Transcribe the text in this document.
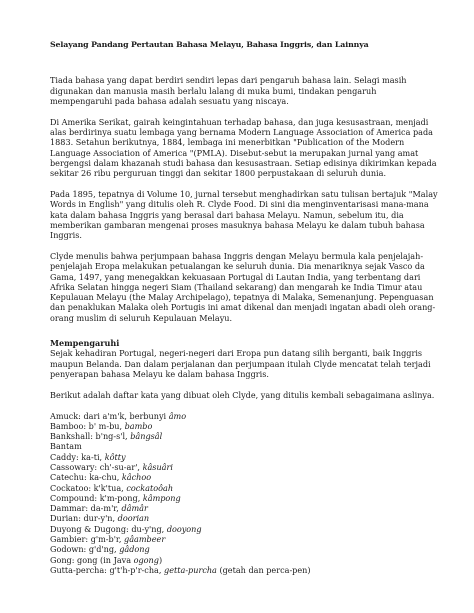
Selayang Pandang Pertautan Bahasa Melayu, Bahasa Inggris, dan Lainnya
Tiada bahasa yang dapat berdiri sendiri lepas dari pengaruh bahasa lain. Selagi masih
digunakan dan manusia masih berlalu lalang di muka bumi, tindakan pengaruh
mempengaruhi pada bahasa adalah sesuatu yang niscaya.
Di Amerika Serikat, gairah keingintahuan terhadap bahasa, dan juga kesusastraan, menjadi
alas berdirinya suatu lembaga yang bernama Modern Language Association of America pada
1883. Setahun berikutnya, 1884, lembaga ini menerbitkan "Publication of the Modern
Language Association of America "(PMLA). Disebut-sebut ia merupakan jurnal yang amat
bergengsi dalam khazanah studi bahasa dan kesusastraan. Setiap edisinya dikirimkan kepada
sekitar 26 ribu perguruan tinggi dan sekitar 1800 perpustakaan di seluruh dunia.
Pada 1895, tepatnya di Volume 10, jurnal tersebut menghadirkan satu tulisan bertajuk "Malay
Words in English" yang ditulis oleh R. Clyde Food. Di sini dia menginventarisasi mana-mana
kata dalam bahasa Inggris yang berasal dari bahasa Melayu. Namun, sebelum itu, dia
memberikan gambaran mengenai proses masuknya bahasa Melayu ke dalam tubuh bahasa
Inggris.
Clyde menulis bahwa perjumpaan bahasa Inggris dengan Melayu bermula kala penjelajah-
penjelajah Eropa melakukan petualangan ke seluruh dunia. Dia menariknya sejak Vasco da
Gama, 1497, yang menegakkan kekuasaan Portugal di Lautan India, yang terbentang dari
Afrika Selatan hingga negeri Siam (Thailand sekarang) dan mengarah ke India Timur atau
Kepulauan Melayu (the Malay Archipelago), tepatnya di Malaka, Semenanjung. Pepenguasan
dan penaklukan Malaka oleh Portugis ini amat dikenal dan menjadi ingatan abadi oleh orang-
orang muslim di seluruh Kepulauan Melayu.
Mempengaruhi
Sejak kehadiran Portugal, negeri-negeri dari Eropa pun datang silih berganti, baik Inggris
maupun Belanda. Dan dalam perjalanan dan perjumpaan itulah Clyde mencatat telah terjadi
penyerapan bahasa Melayu ke dalam bahasa Inggris.
Berikut adalah daftar kata yang dibuat oleh Clyde, yang ditulis kembali sebagaimana aslinya.
Amuck: dari a'm'k, berbunyi âmo
Bamboo: b' m-bu, bambo
Bankshall: b'ng-s'l, bângsâl
Bantam
Caddy: ka-ti, kôtty
Cassowary: ch'-su-ar', kâsuâri
Catechu: ka-chu, kâchoo
Cockatoo: k'k'tua, cockatoôah
Compound: k'm-pong, kâmpong
Dammar: da-m'r, dâmâr
Durian: dur-y'n, doorian
Duyong & Dugong: du-y'ng, dooyong
Gambier: g'm-b'r, gâambeer
Godown: g'd'ng, gâdong
Gong: gong (in Java ogong)
Gutta-percha: g't'h-p'r-cha, getta-purcha (getah dan perca-pen)
